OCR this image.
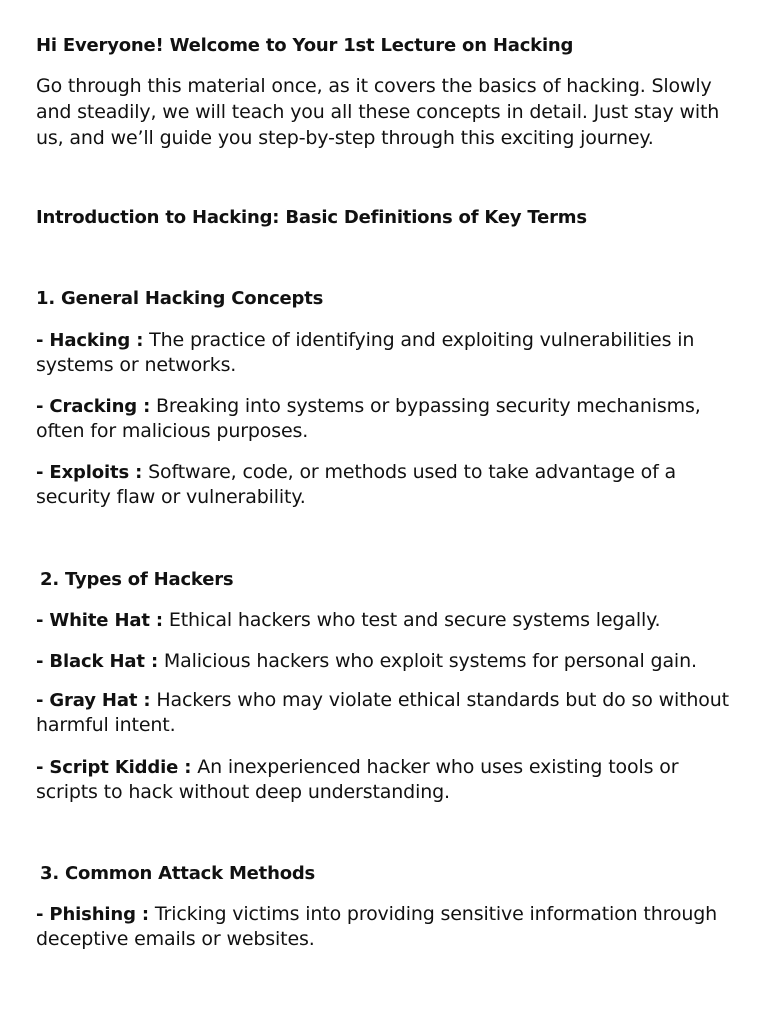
Hi Everyone! Welcome to Your 1st Lecture on Hacking
Go through this material once, as it covers the basics of hacking. Slowly and steadily, we will teach you all these concepts in detail. Just stay with us, and we’ll guide you step-by-step through this exciting journey.
Introduction to Hacking: Basic Definitions of Key Terms
1. General Hacking Concepts
- Hacking : The practice of identifying and exploiting vulnerabilities in systems or networks.
- Cracking : Breaking into systems or bypassing security mechanisms, often for malicious purposes.
- Exploits : Software, code, or methods used to take advantage of a security flaw or vulnerability.
2. Types of Hackers
- White Hat : Ethical hackers who test and secure systems legally.
- Black Hat : Malicious hackers who exploit systems for personal gain.
- Gray Hat : Hackers who may violate ethical standards but do so without harmful intent.
- Script Kiddie : An inexperienced hacker who uses existing tools or scripts to hack without deep understanding.
3. Common Attack Methods
- Phishing : Tricking victims into providing sensitive information through deceptive emails or websites.
